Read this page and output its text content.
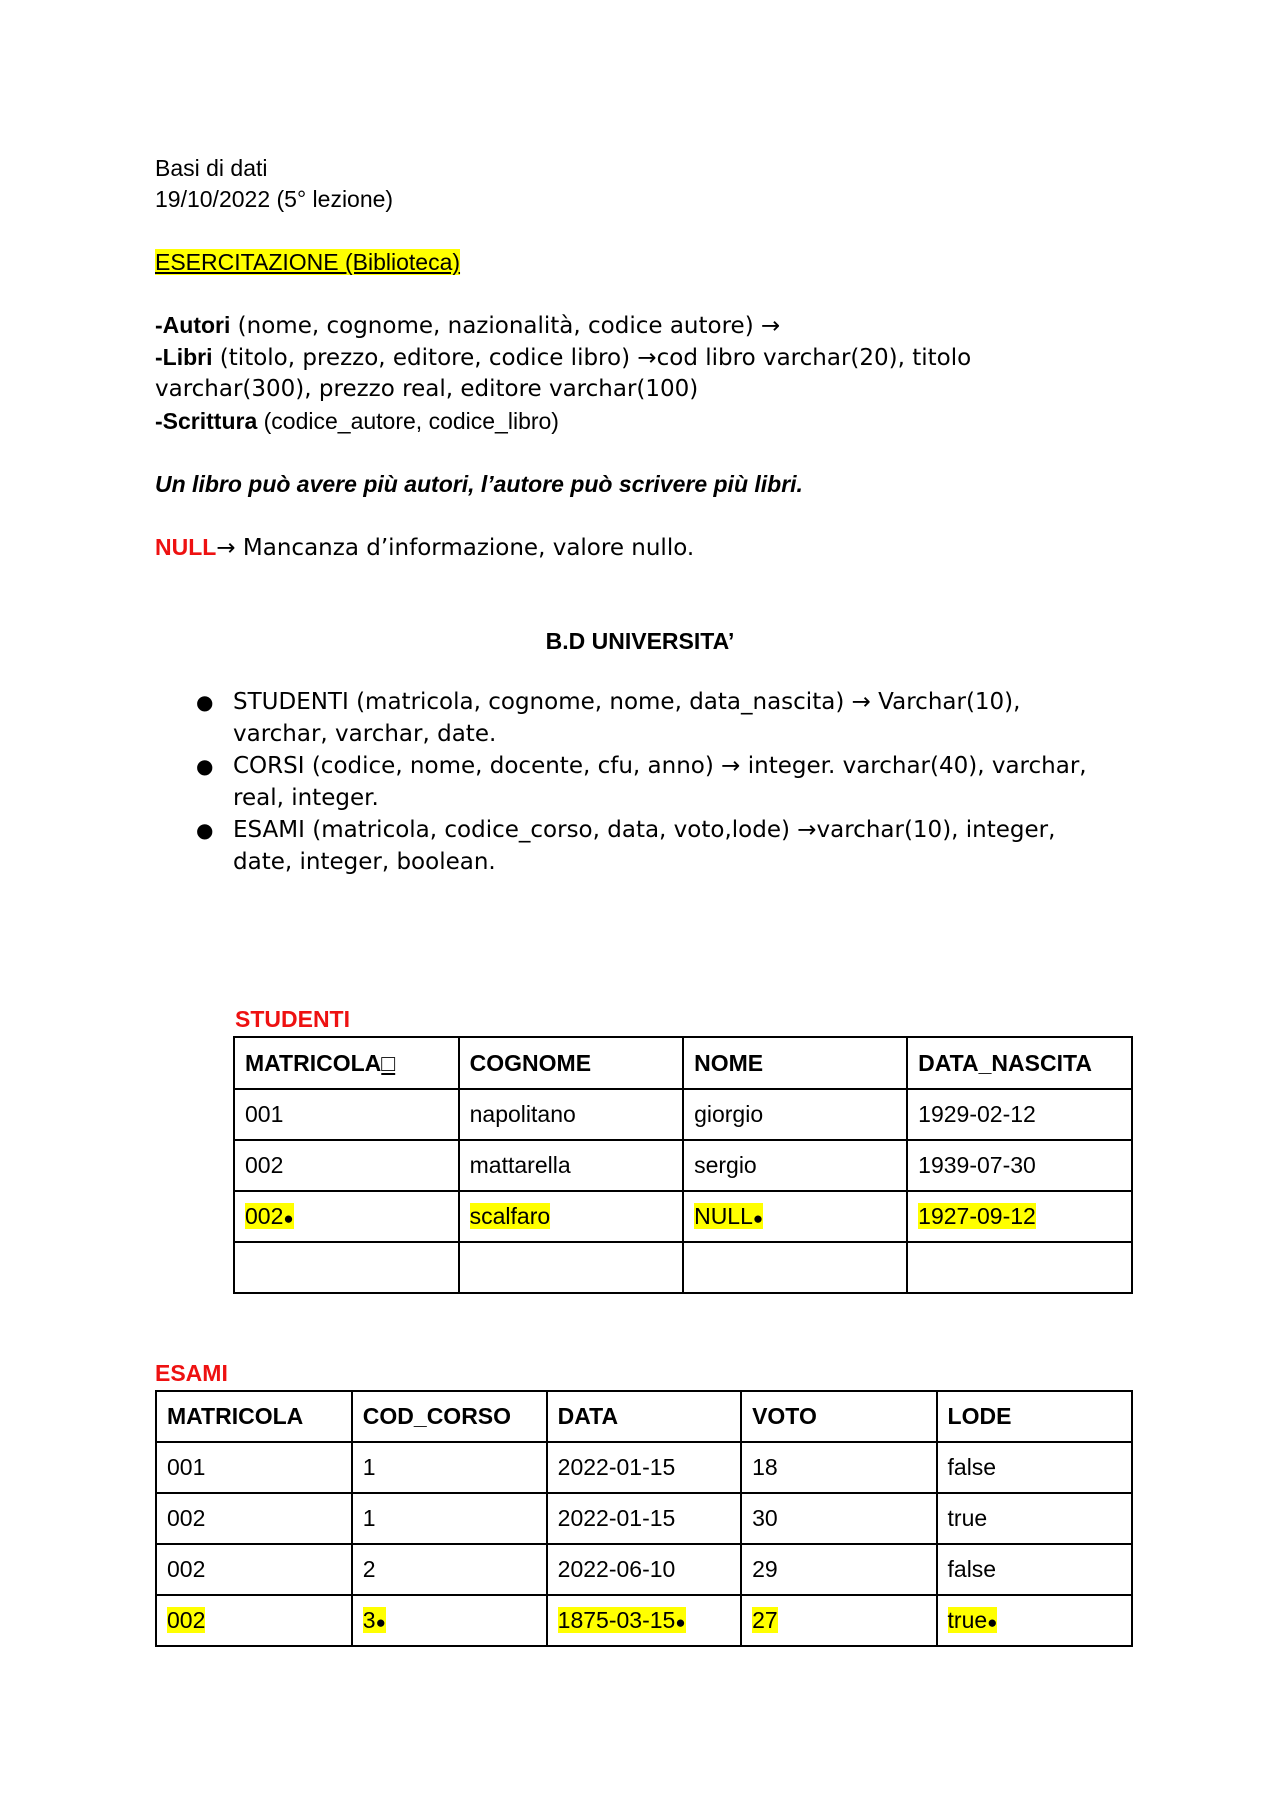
Basi di dati
19/10/2022 (5° lezione)
ESERCITAZIONE (Biblioteca)
-Autori (nome, cognome, nazionalità, codice autore) →
-Libri (titolo, prezzo, editore, codice libro) →cod libro varchar(20), titolo
varchar(300), prezzo real, editore varchar(100)
-Scrittura (codice_autore, codice_libro)
Un libro può avere più autori, l’autore può scrivere più libri.
NULL→ Mancanza d’informazione, valore nullo.
B.D UNIVERSITA’
● STUDENTI (matricola, cognome, nome, data_nascita) → Varchar(10),
varchar, varchar, date.
● CORSI (codice, nome, docente, cfu, anno) → integer. varchar(40), varchar,
real, integer.
● ESAMI (matricola, codice_corso, data, voto,lode) →varchar(10), integer,
date, integer, boolean.
STUDENTI
MATRICOLA□	COGNOME	NOME	DATA_NASCITA
001	napolitano	giorgio	1929-02-12
002	mattarella	sergio	1939-07-30
002●	scalfaro	NULL●	1927-09-12

ESAMI
MATRICOLA	COD_CORSO	DATA	VOTO	LODE
001	1	2022-01-15	18	false
002	1	2022-01-15	30	true
002	2	2022-06-10	29	false
002	3●	1875-03-15●	27	true●
